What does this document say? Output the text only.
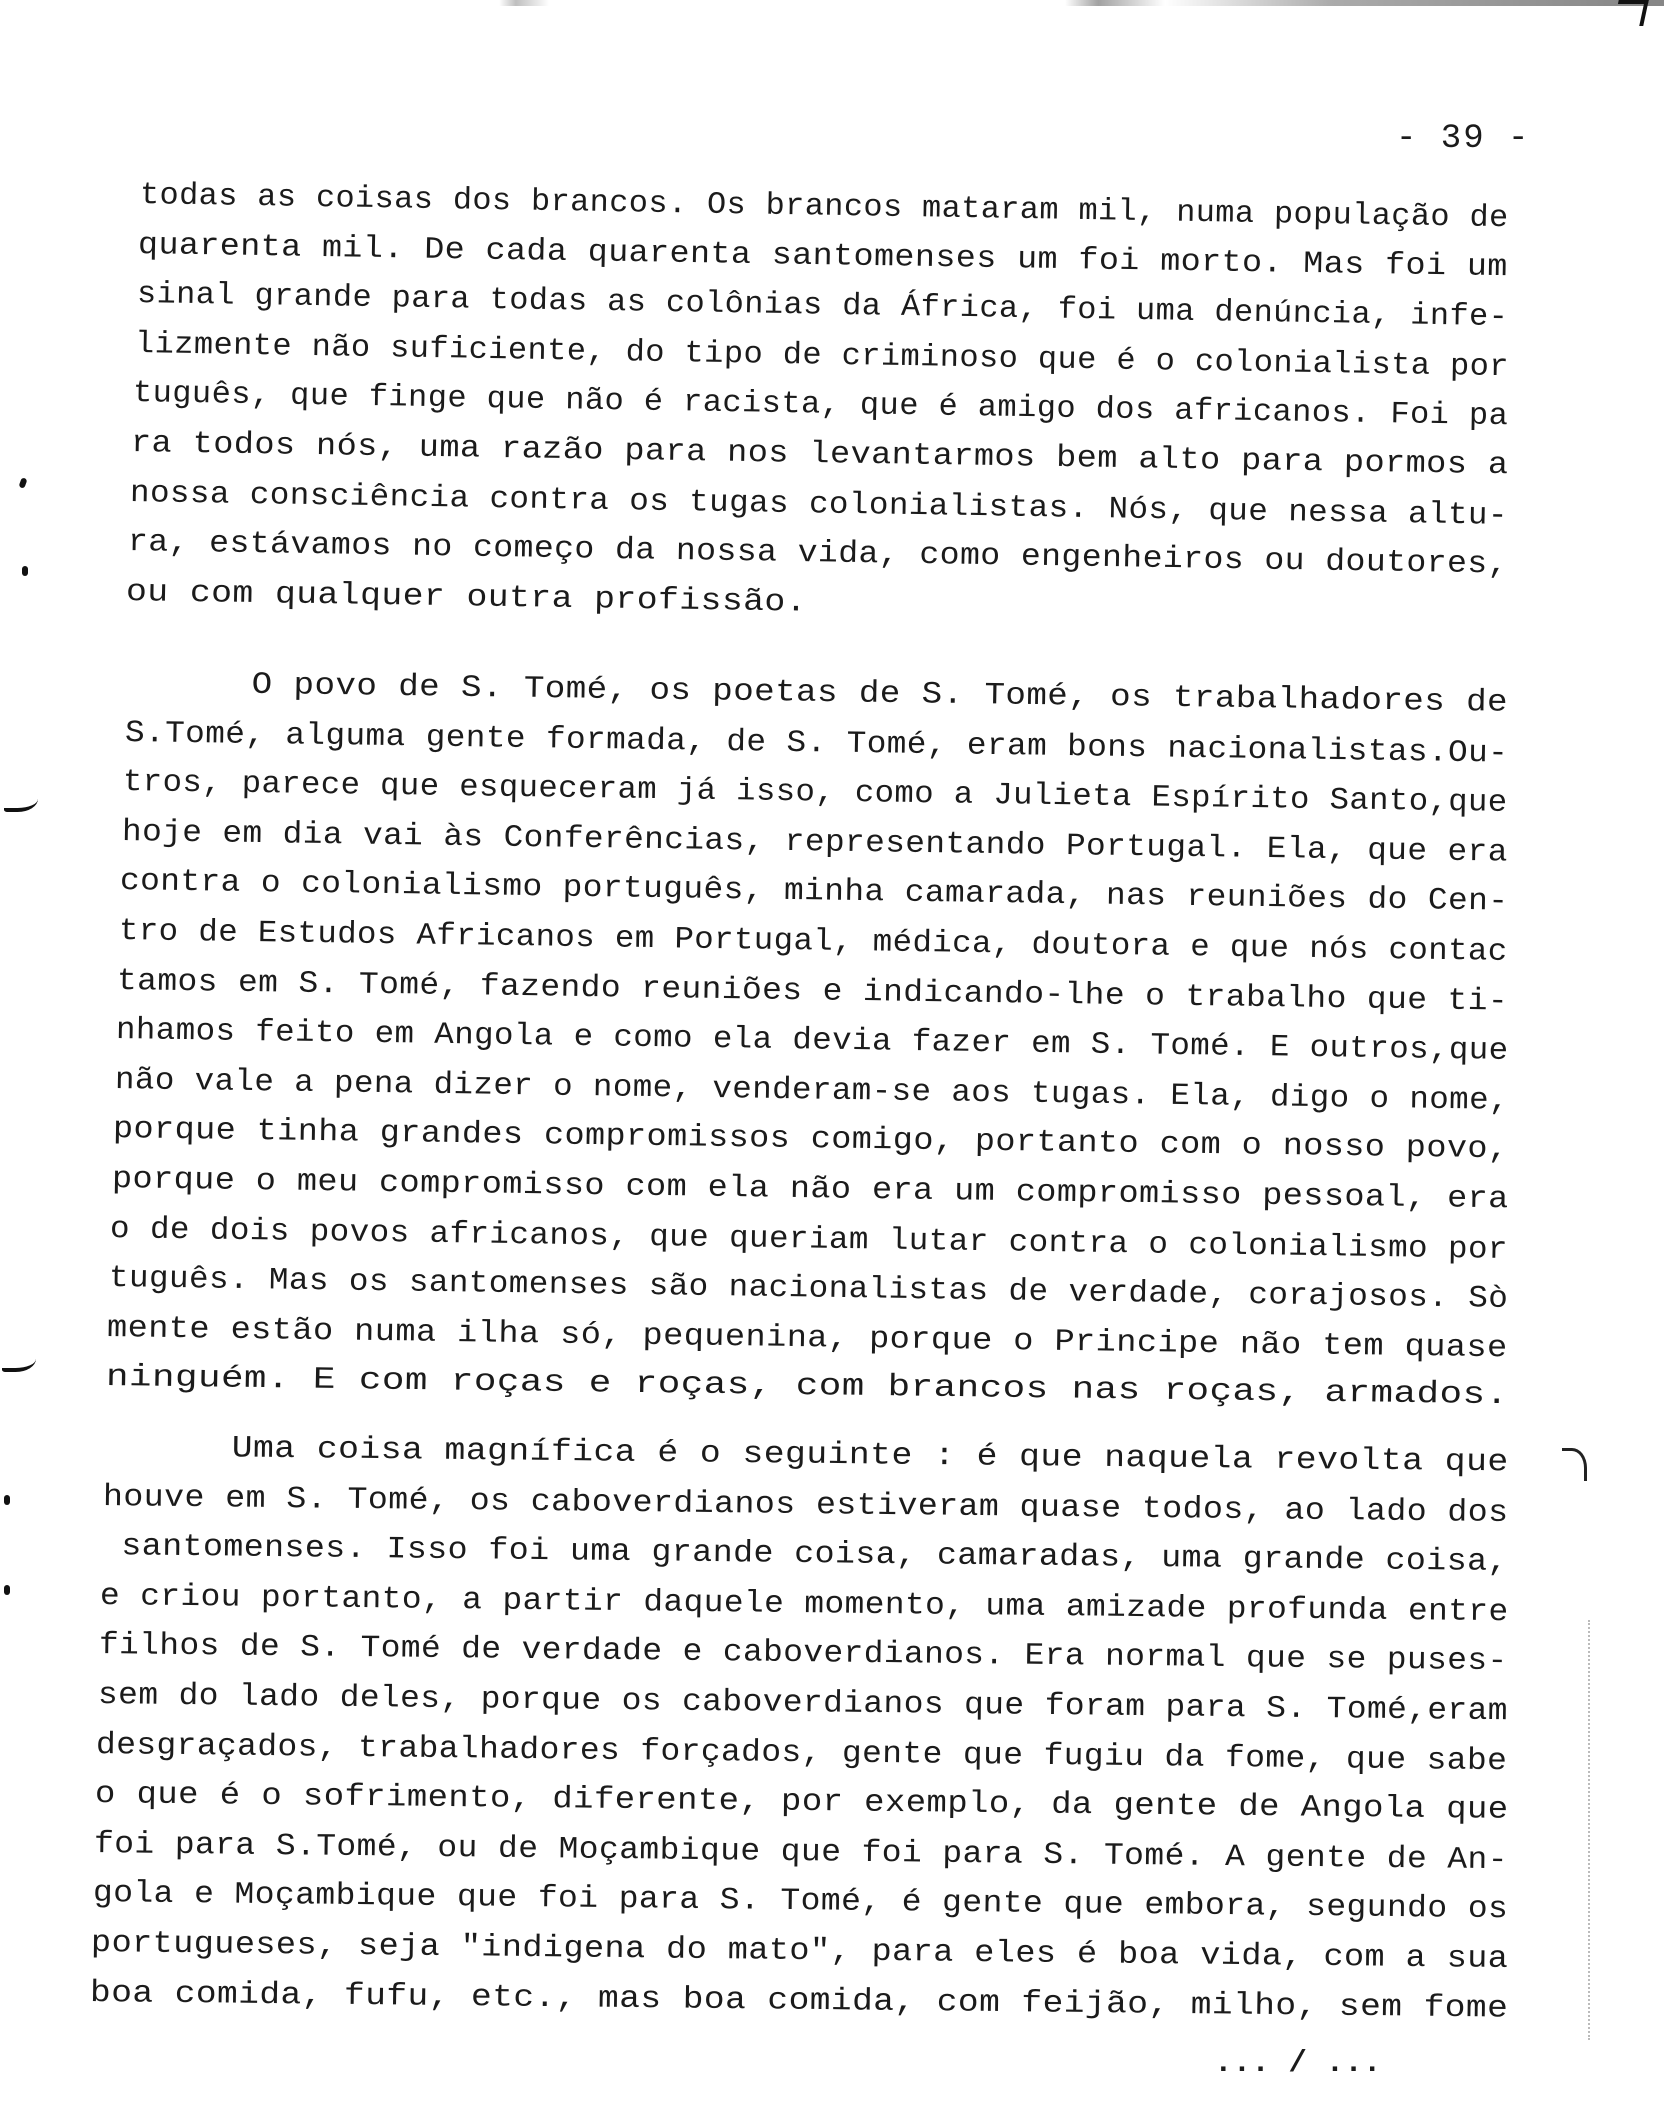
- 39 -
todas as coisas dos brancos. Os brancos mataram mil, numa população de
quarenta mil. De cada quarenta santomenses um foi morto. Mas foi um
sinal grande para todas as colônias da África, foi uma denúncia, infe-
lizmente não suficiente, do tipo de criminoso que é o colonialista por
tuguês, que finge que não é racista, que é amigo dos africanos. Foi pa
ra todos nós, uma razão para nos levantarmos bem alto para pormos a
nossa consciência contra os tugas colonialistas. Nós, que nessa altu-
ra, estávamos no começo da nossa vida, como engenheiros ou doutores,
ou com qualquer outra profissão.
O povo de S. Tomé, os poetas de S. Tomé, os trabalhadores de
S.Tomé, alguma gente formada, de S. Tomé, eram bons nacionalistas.Ou-
tros, parece que esqueceram já isso, como a Julieta Espírito Santo,que
hoje em dia vai às Conferências, representando Portugal. Ela, que era
contra o colonialismo português, minha camarada, nas reuniões do Cen-
tro de Estudos Africanos em Portugal, médica, doutora e que nós contac
tamos em S. Tomé, fazendo reuniões e indicando-lhe o trabalho que ti-
nhamos feito em Angola e como ela devia fazer em S. Tomé. E outros,que
não vale a pena dizer o nome, venderam-se aos tugas. Ela, digo o nome,
porque tinha grandes compromissos comigo, portanto com o nosso povo,
porque o meu compromisso com ela não era um compromisso pessoal, era
o de dois povos africanos, que queriam lutar contra o colonialismo por
tuguês. Mas os santomenses são nacionalistas de verdade, corajosos. Sò
mente estão numa ilha só, pequenina, porque o Principe não tem quase
ninguém. E com roças e roças, com brancos nas roças, armados.
Uma coisa magnífica é o seguinte : é que naquela revolta que
houve em S. Tomé, os caboverdianos estiveram quase todos, ao lado dos
santomenses. Isso foi uma grande coisa, camaradas, uma grande coisa,
e criou portanto, a partir daquele momento, uma amizade profunda entre
filhos de S. Tomé de verdade e caboverdianos. Era normal que se puses-
sem do lado deles, porque os caboverdianos que foram para S. Tomé,eram
desgraçados, trabalhadores forçados, gente que fugiu da fome, que sabe
o que é o sofrimento, diferente, por exemplo, da gente de Angola que
foi para S.Tomé, ou de Moçambique que foi para S. Tomé. A gente de An-
gola e Moçambique que foi para S. Tomé, é gente que embora, segundo os
portugueses, seja "indigena do mato", para eles é boa vida, com a sua
boa comida, fufu, etc., mas boa comida, com feijão, milho, sem fome
... / ...
